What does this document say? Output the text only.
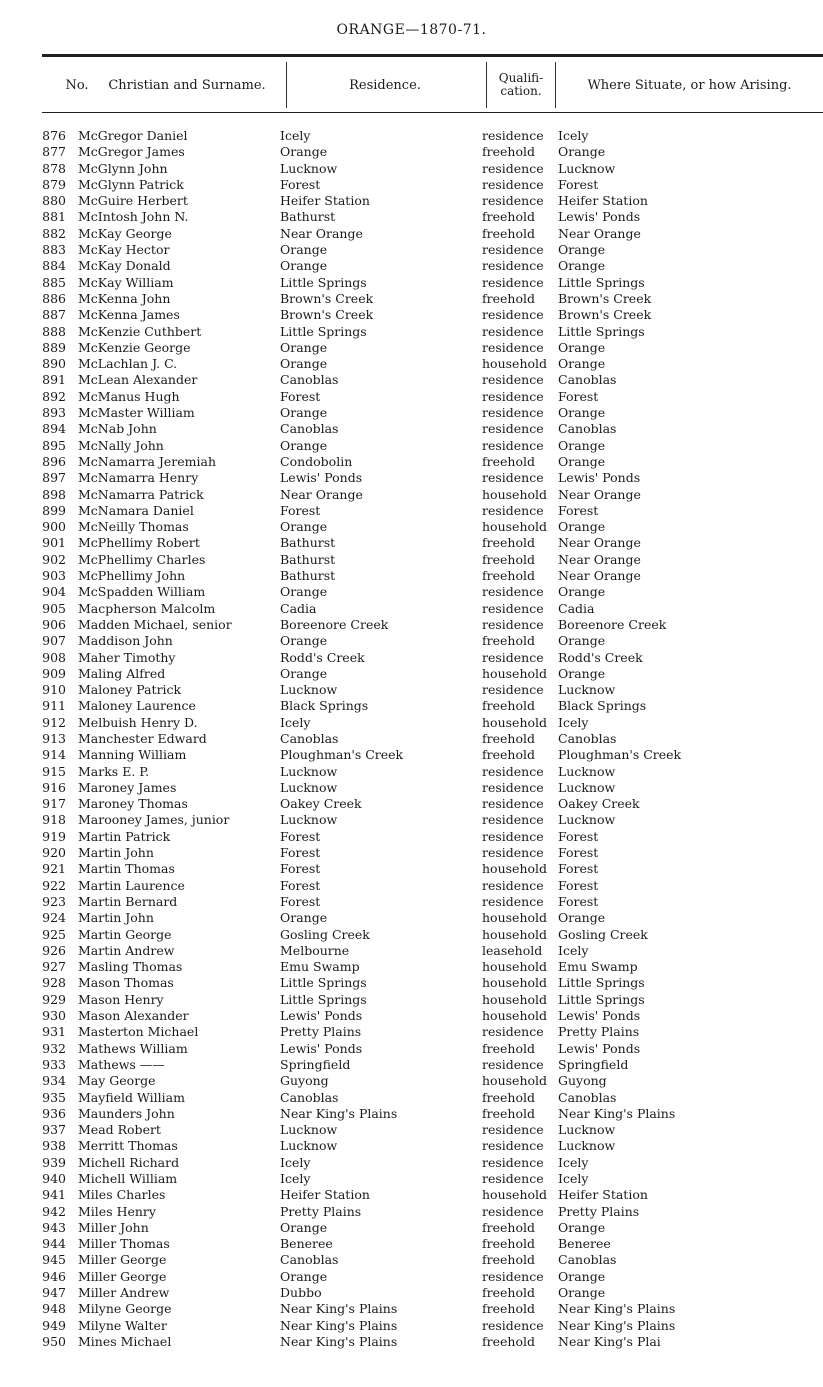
ORANGE—1870-71.
No.	Christian and Surname.	Residence.	Qualifi-cation.	Where Situate, or how Arising.
876 McGregor Daniel	Icely	residence Icely
877 McGregor James	Orange	freehold Orange
878 McGlynn John	Lucknow	residence Lucknow
879 McGlynn Patrick	Forest	residence Forest
880 McGuire Herbert	Heifer Station	residence Heifer Station
881 McIntosh John N.	Bathurst	freehold Lewis' Ponds
882 McKay George	Near Orange	freehold Near Orange
883 McKay Hector	Orange	residence Orange
884 McKay Donald	Orange	residence Orange
885 McKay William	Little Springs	residence Little Springs
886 McKenna John	Brown's Creek	freehold Brown's Creek
887 McKenna James	Brown's Creek	residence Brown's Creek
888 McKenzie Cuthbert	Little Springs	residence Little Springs
889 McKenzie George	Orange	residence Orange
890 McLachlan J. C.	Orange	household Orange
891 McLean Alexander	Canoblas	residence Canoblas
892 McManus Hugh	Forest	residence Forest
893 McMaster William	Orange	residence Orange
894 McNab John	Canoblas	residence Canoblas
895 McNally John	Orange	residence Orange
896 McNamarra Jeremiah	Condobolin	freehold Orange
897 McNamarra Henry	Lewis' Ponds	residence Lewis' Ponds
898 McNamarra Patrick	Near Orange	household Near Orange
899 McNamara Daniel	Forest	residence Forest
900 McNeilly Thomas	Orange	household Orange
901 McPhellimy Robert	Bathurst	freehold Near Orange
902 McPhellimy Charles	Bathurst	freehold Near Orange
903 McPhellimy John	Bathurst	freehold Near Orange
904 McSpadden William	Orange	residence Orange
905 Macpherson Malcolm	Cadia	residence Cadia
906 Madden Michael, senior	Boreenore Creek	residence Boreenore Creek
907 Maddison John	Orange	freehold Orange
908 Maher Timothy	Rodd's Creek	residence Rodd's Creek
909 Maling Alfred	Orange	household Orange
910 Maloney Patrick	Lucknow	residence Lucknow
911 Maloney Laurence	Black Springs	freehold Black Springs
912 Melbuish Henry D.	Icely	household Icely
913 Manchester Edward	Canoblas	freehold Canoblas
914 Manning William	Ploughman's Creek	freehold Ploughman's Creek
915 Marks E. P.	Lucknow	residence Lucknow
916 Maroney James	Lucknow	residence Lucknow
917 Maroney Thomas	Oakey Creek	residence Oakey Creek
918 Marooney James, junior	Lucknow	residence Lucknow
919 Martin Patrick	Forest	residence Forest
920 Martin John	Forest	residence Forest
921 Martin Thomas	Forest	household Forest
922 Martin Laurence	Forest	residence Forest
923 Martin Bernard	Forest	residence Forest
924 Martin John	Orange	household Orange
925 Martin George	Gosling Creek	household Gosling Creek
926 Martin Andrew	Melbourne	leasehold Icely
927 Masling Thomas	Emu Swamp	household Emu Swamp
928 Mason Thomas	Little Springs	household Little Springs
929 Mason Henry	Little Springs	household Little Springs
930 Mason Alexander	Lewis' Ponds	household Lewis' Ponds
931 Masterton Michael	Pretty Plains	residence Pretty Plains
932 Mathews William	Lewis' Ponds	freehold Lewis' Ponds
933 Mathews ——	Springfield	residence Springfield
934 May George	Guyong	household Guyong
935 Mayfield William	Canoblas	freehold Canoblas
936 Maunders John	Near King's Plains	freehold Near King's Plains
937 Mead Robert	Lucknow	residence Lucknow
938 Merritt Thomas	Lucknow	residence Lucknow
939 Michell Richard	Icely	residence Icely
940 Michell William	Icely	residence Icely
941 Miles Charles	Heifer Station	household Heifer Station
942 Miles Henry	Pretty Plains	residence Pretty Plains
943 Miller John	Orange	freehold Orange
944 Miller Thomas	Beneree	freehold Beneree
945 Miller George	Canoblas	freehold Canoblas
946 Miller George	Orange	residence Orange
947 Miller Andrew	Dubbo	freehold Orange
948 Milyne George	Near King's Plains	freehold Near King's Plains
949 Milyne Walter	Near King's Plains	residence Near King's Plains
950 Mines Michael	Near King's Plains	freehold Near King's Plai
